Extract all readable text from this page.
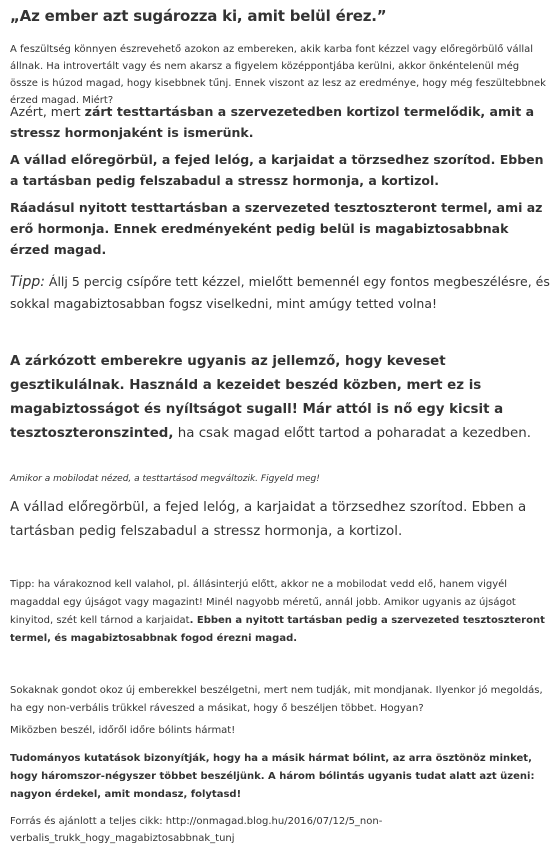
„Az ember azt sugározza ki, amit belül érez.”

A feszültség könnyen észrevehető azokon az embereken, akik karba font kézzel vagy előregörbülő vállal állnak. Ha introvertált vagy és nem akarsz a figyelem középpontjába kerülni, akkor önkéntelenül még össze is húzod magad, hogy kisebbnek tűnj. Ennek viszont az lesz az eredménye, hogy még feszültebbnek érzed magad. Miért?

Azért, mert zárt testtartásban a szervezetedben kortizol termelődik, amit a stressz hormonjaként is ismerünk.

A vállad előregörbül, a fejed lelóg, a karjaidat a törzsedhez szorítod. Ebben a tartásban pedig felszabadul a stressz hormonja, a kortizol.

Ráadásul nyitott testtartásban a szervezeted tesztoszteront termel, ami az erő hormonja. Ennek eredményeként pedig belül is magabiztosabbnak érzed magad.

Tipp: Állj 5 percig csípőre tett kézzel, mielőtt bemennél egy fontos megbeszélésre, és sokkal magabiztosabban fogsz viselkedni, mint amúgy tetted volna!

A zárkózott emberekre ugyanis az jellemző, hogy keveset gesztikulálnak. Használd a kezeidet beszéd közben, mert ez is magabiztosságot és nyíltságot sugall! Már attól is nő egy kicsit a tesztoszteronszinted, ha csak magad előtt tartod a poharadat a kezedben.

Amikor a mobilodat nézed, a testtartásod megváltozik. Figyeld meg!

A vállad előregörbül, a fejed lelóg, a karjaidat a törzsedhez szorítod. Ebben a tartásban pedig felszabadul a stressz hormonja, a kortizol.

Tipp: ha várakoznod kell valahol, pl. állásinterjú előtt, akkor ne a mobilodat vedd elő, hanem vigyél magaddal egy újságot vagy magazint! Minél nagyobb méretű, annál jobb. Amikor ugyanis az újságot kinyitod, szét kell tárnod a karjaidat. Ebben a nyitott tartásban pedig a szervezeted tesztoszteront termel, és magabiztosabbnak fogod érezni magad.

Sokaknak gondot okoz új emberekkel beszélgetni, mert nem tudják, mit mondjanak. Ilyenkor jó megoldás, ha egy non-verbális trükkel ráveszed a másikat, hogy ő beszéljen többet. Hogyan?

Miközben beszél, időről időre bólints hármat!

Tudományos kutatások bizonyítják, hogy ha a másik hármat bólint, az arra ösztönöz minket, hogy háromszor-négyszer többet beszéljünk. A három bólintás ugyanis tudat alatt azt üzeni: nagyon érdekel, amit mondasz, folytasd!

Forrás és ajánlott a teljes cikk: http://onmagad.blog.hu/2016/07/12/5_non-verbalis_trukk_hogy_magabiztosabbnak_tunj
